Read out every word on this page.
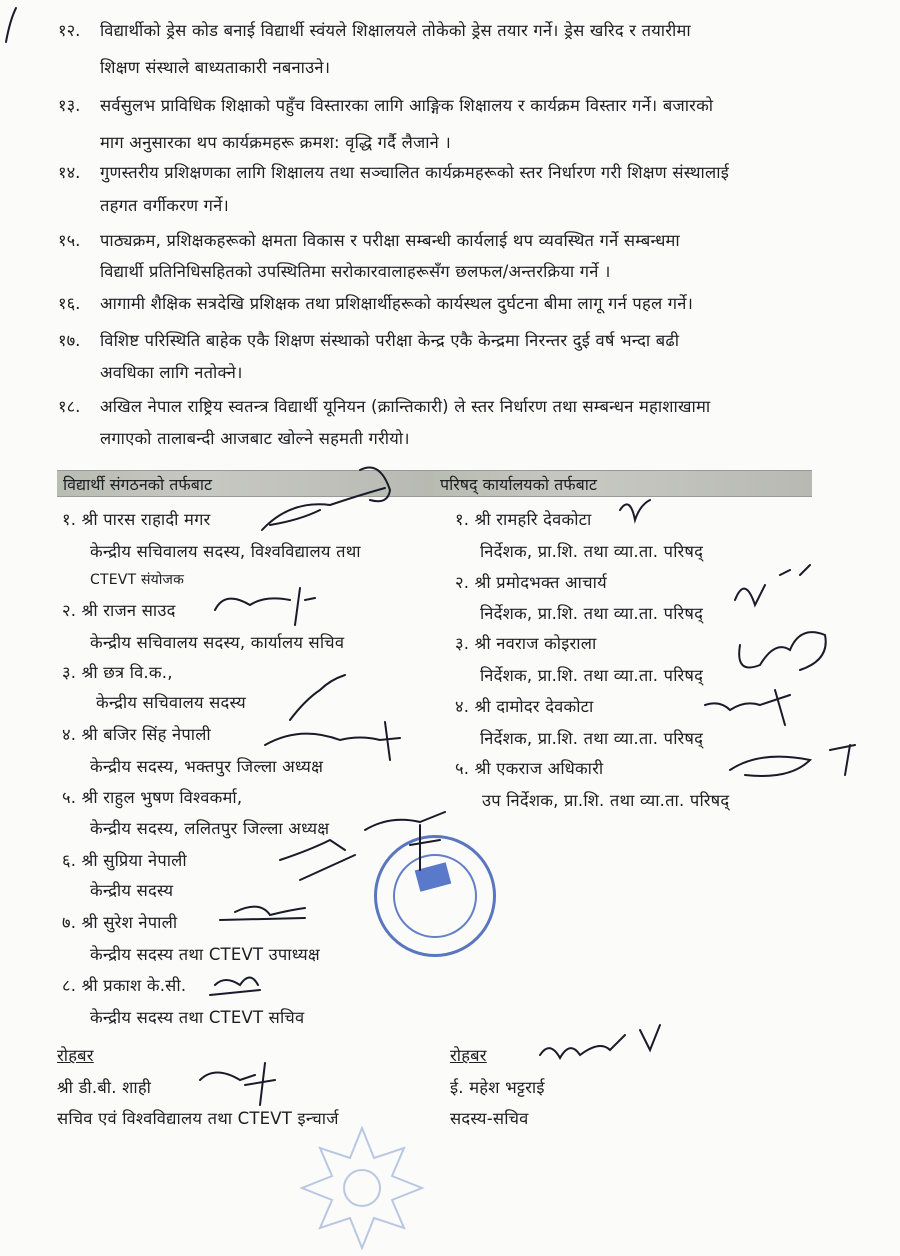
१२. विद्यार्थीको ड्रेस कोड बनाई विद्यार्थी स्वंयले शिक्षालयले तोकेको ड्रेस तयार गर्ने। ड्रेस खरिद र तयारीमा
शिक्षण संस्थाले बाध्यताकारी नबनाउने।
१३. सर्वसुलभ प्राविधिक शिक्षाको पहुँच विस्तारका लागि आङ्गिक शिक्षालय र कार्यक्रम विस्तार गर्ने। बजारको
माग अनुसारका थप कार्यक्रमहरू क्रमश: वृद्धि गर्दै लैजाने ।
१४. गुणस्तरीय प्रशिक्षणका लागि शिक्षालय तथा सञ्चालित कार्यक्रमहरूको स्तर निर्धारण गरी शिक्षण संस्थालाई
तहगत वर्गीकरण गर्ने।
१५. पाठ्यक्रम, प्रशिक्षकहरूको क्षमता विकास र परीक्षा सम्बन्धी कार्यलाई थप व्यवस्थित गर्ने सम्बन्धमा
विद्यार्थी प्रतिनिधिसहितको उपस्थितिमा सरोकारवालाहरूसँग छलफल/अन्तरक्रिया गर्ने ।
१६. आगामी शैक्षिक सत्रदेखि प्रशिक्षक तथा प्रशिक्षार्थीहरूको कार्यस्थल दुर्घटना बीमा लागू गर्न पहल गर्ने।
१७. विशिष्ट परिस्थिति बाहेक एकै शिक्षण संस्थाको परीक्षा केन्द्र एकै केन्द्रमा निरन्तर दुई वर्ष भन्दा बढी
अवधिका लागि नतोक्ने।
१८. अखिल नेपाल राष्ट्रिय स्वतन्त्र विद्यार्थी यूनियन (क्रान्तिकारी) ले स्तर निर्धारण तथा सम्बन्धन महाशाखामा
लगाएको तालाबन्दी आजबाट खोल्ने सहमती गरीयो।
विद्यार्थी संगठनको तर्फबाट	परिषद् कार्यालयको तर्फबाट
१. श्री पारस राहादी मगर
केन्द्रीय सचिवालय सदस्य, विश्वविद्यालय तथा
CTEVT संयोजक
२. श्री राजन साउद
केन्द्रीय सचिवालय सदस्य, कार्यालय सचिव
३. श्री छत्र वि.क.,
केन्द्रीय सचिवालय सदस्य
४. श्री बजिर सिंह नेपाली
केन्द्रीय सदस्य, भक्तपुर जिल्ला अध्यक्ष
५. श्री राहुल भुषण विश्वकर्मा,
केन्द्रीय सदस्य, ललितपुर जिल्ला अध्यक्ष
६. श्री सुप्रिया नेपाली
केन्द्रीय सदस्य
७. श्री सुरेश नेपाली
केन्द्रीय सदस्य तथा CTEVT उपाध्यक्ष
८. श्री प्रकाश के.सी.
केन्द्रीय सदस्य तथा CTEVT सचिव
१. श्री रामहरि देवकोटा
निर्देशक, प्रा.शि. तथा व्या.ता. परिषद्
२. श्री प्रमोदभक्त आचार्य
निर्देशक, प्रा.शि. तथा व्या.ता. परिषद्
३. श्री नवराज कोइराला
निर्देशक, प्रा.शि. तथा व्या.ता. परिषद्
४. श्री दामोदर देवकोटा
निर्देशक, प्रा.शि. तथा व्या.ता. परिषद्
५. श्री एकराज अधिकारी
उप निर्देशक, प्रा.शि. तथा व्या.ता. परिषद्
रोहबर
श्री डी.बी. शाही
सचिव एवं विश्वविद्यालय तथा CTEVT इन्चार्ज
रोहबर
ई. महेश भट्टराई
सदस्य-सचिव
